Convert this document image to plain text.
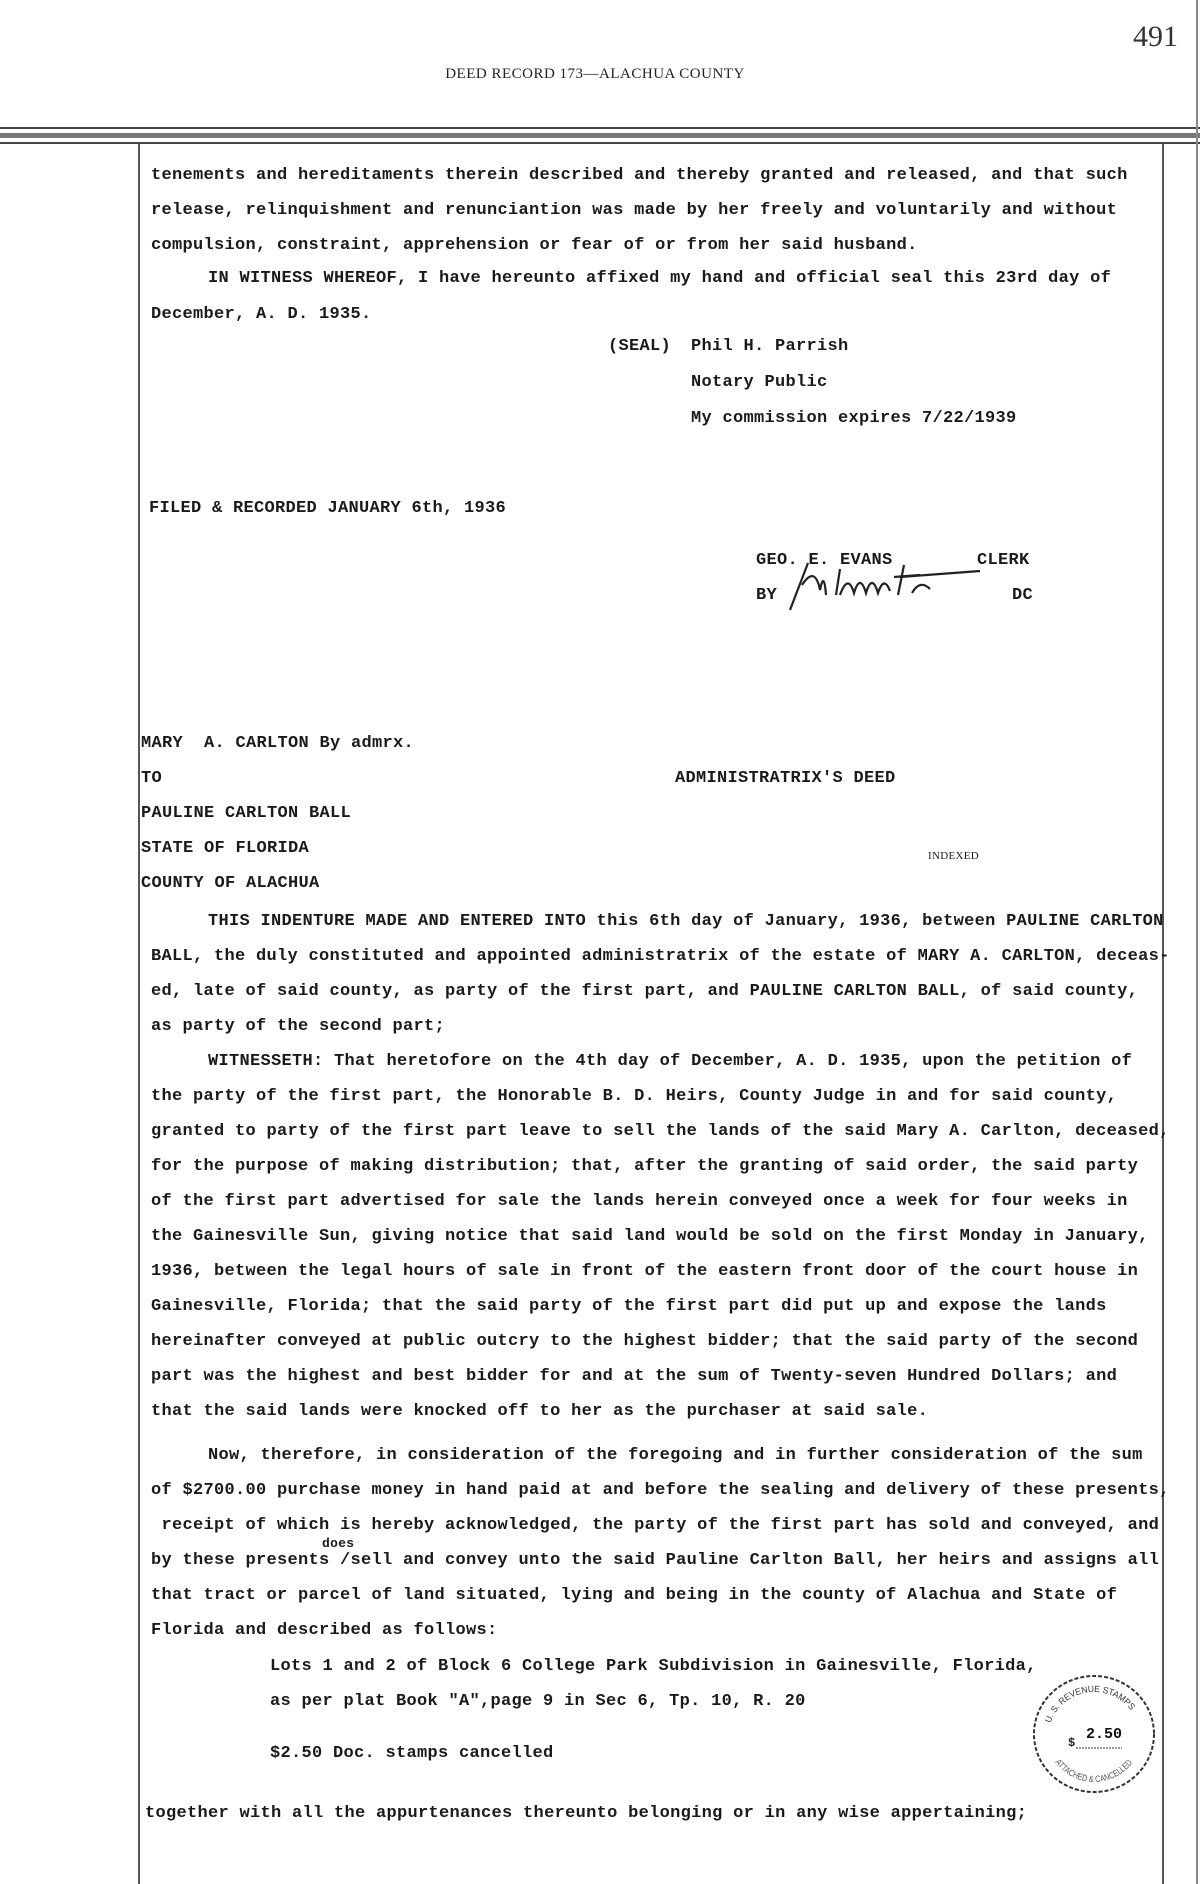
491
DEED RECORD 173—ALACHUA COUNTY
tenements and hereditaments therein described and thereby granted and released, and that such
release, relinquishment and renunciantion was made by her freely and voluntarily and without
compulsion, constraint, apprehension or fear of or from her said husband.
IN WITNESS WHEREOF, I have hereunto affixed my hand and official seal this 23rd day of
December, A. D. 1935.
(SEAL) Phil H. Parrish
Notary Public
My commission expires 7/22/1939
FILED & RECORDED JANUARY 6th, 1936
GEO. E. EVANS	CLERK
BY	DC
MARY  A. CARLTON By admrx.
TO
PAULINE CARLTON BALL
STATE OF FLORIDA
COUNTY OF ALACHUA
ADMINISTRATRIX'S DEED
INDEXED
THIS INDENTURE MADE AND ENTERED INTO this 6th day of January, 1936, between PAULINE CARLTON
BALL, the duly constituted and appointed administratrix of the estate of MARY A. CARLTON, deceas-
ed, late of said county, as party of the first part, and PAULINE CARLTON BALL, of said county,
as party of the second part;
WITNESSETH: That heretofore on the 4th day of December, A. D. 1935, upon the petition of
the party of the first part, the Honorable B. D. Heirs, County Judge in and for said county,
granted to party of the first part leave to sell the lands of the said Mary A. Carlton, deceased,
for the purpose of making distribution; that, after the granting of said order, the said party
of the first part advertised for sale the lands herein conveyed once a week for four weeks in
the Gainesville Sun, giving notice that said land would be sold on the first Monday in January,
1936, between the legal hours of sale in front of the eastern front door of the court house in
Gainesville, Florida; that the said party of the first part did put up and expose the lands
hereinafter conveyed at public outcry to the highest bidder; that the said party of the second
part was the highest and best bidder for and at the sum of Twenty-seven Hundred Dollars; and
that the said lands were knocked off to her as the purchaser at said sale.
Now, therefore, in consideration of the foregoing and in further consideration of the sum
of $2700.00 purchase money in hand paid at and before the sealing and delivery of these presents,
receipt of which is hereby acknowledged, the party of the first part has sold and conveyed, and
by these presents /sell and convey unto the said Pauline Carlton Ball, her heirs and assigns all
that tract or parcel of land situated, lying and being in the county of Alachua and State of
Florida and described as follows:
does
Lots 1 and 2 of Block 6 College Park Subdivision in Gainesville, Florida,
as per plat Book "A",page 9 in Sec 6, Tp. 10, R. 20
$2.50 Doc. stamps cancelled
U. S. REVENUE STAMPS
ATTACHED & CANCELLED
$ 2.50
together with all the appurtenances thereunto belonging or in any wise appertaining;
